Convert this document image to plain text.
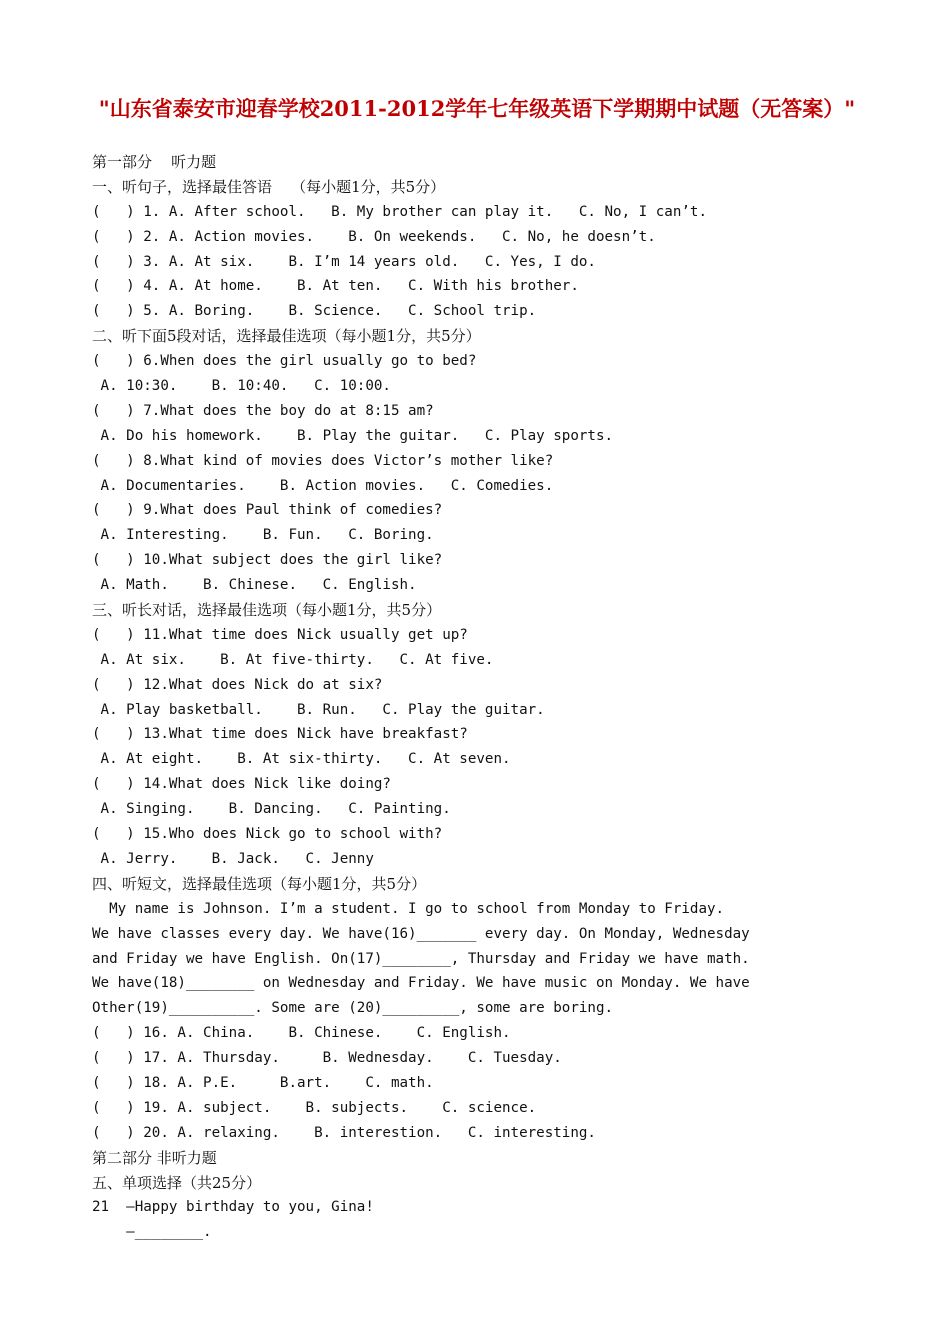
"山东省泰安市迎春学校2011-2012学年七年级英语下学期期中试题（无答案）"
第一部分    听力题
一、听句子，选择最佳答语    （每小题1分，共5分）
(   ) 1. A. After school.   B. My brother can play it.   C. No, I can’t.
(   ) 2. A. Action movies.    B. On weekends.   C. No, he doesn’t.
(   ) 3. A. At six.    B. I’m 14 years old.   C. Yes, I do.
(   ) 4. A. At home.    B. At ten.   C. With his brother.
(   ) 5. A. Boring.    B. Science.   C. School trip.
二、听下面5段对话，选择最佳选项（每小题1分，共5分）
(   ) 6.When does the girl usually go to bed?
A. 10:30.    B. 10:40.   C. 10:00.
(   ) 7.What does the boy do at 8:15 am?
A. Do his homework.    B. Play the guitar.   C. Play sports.
(   ) 8.What kind of movies does Victor’s mother like?
A. Documentaries.    B. Action movies.   C. Comedies.
(   ) 9.What does Paul think of comedies?
A. Interesting.    B. Fun.   C. Boring.
(   ) 10.What subject does the girl like?
A. Math.    B. Chinese.   C. English.
三、听长对话，选择最佳选项（每小题1分，共5分）
(   ) 11.What time does Nick usually get up?
A. At six.    B. At five-thirty.   C. At five.
(   ) 12.What does Nick do at six?
A. Play basketball.    B. Run.   C. Play the guitar.
(   ) 13.What time does Nick have breakfast?
A. At eight.    B. At six-thirty.   C. At seven.
(   ) 14.What does Nick like doing?
A. Singing.    B. Dancing.   C. Painting.
(   ) 15.Who does Nick go to school with?
A. Jerry.    B. Jack.   C. Jenny
四、听短文，选择最佳选项（每小题1分，共5分）
My name is Johnson. I’m a student. I go to school from Monday to Friday.
We have classes every day. We have(16)_______ every day. On Monday, Wednesday
and Friday we have English. On(17)________, Thursday and Friday we have math.
We have(18)________ on Wednesday and Friday. We have music on Monday. We have
Other(19)__________. Some are (20)_________, some are boring.
(   ) 16. A. China.    B. Chinese.    C. English.
(   ) 17. A. Thursday.     B. Wednesday.    C. Tuesday.
(   ) 18. A. P.E.     B.art.    C. math.
(   ) 19. A. subject.    B. subjects.    C. science.
(   ) 20. A. relaxing.    B. interestion.   C. interesting.
第二部分 非听力题
五、单项选择（共25分）
21  —Happy birthday to you, Gina!
—________.
